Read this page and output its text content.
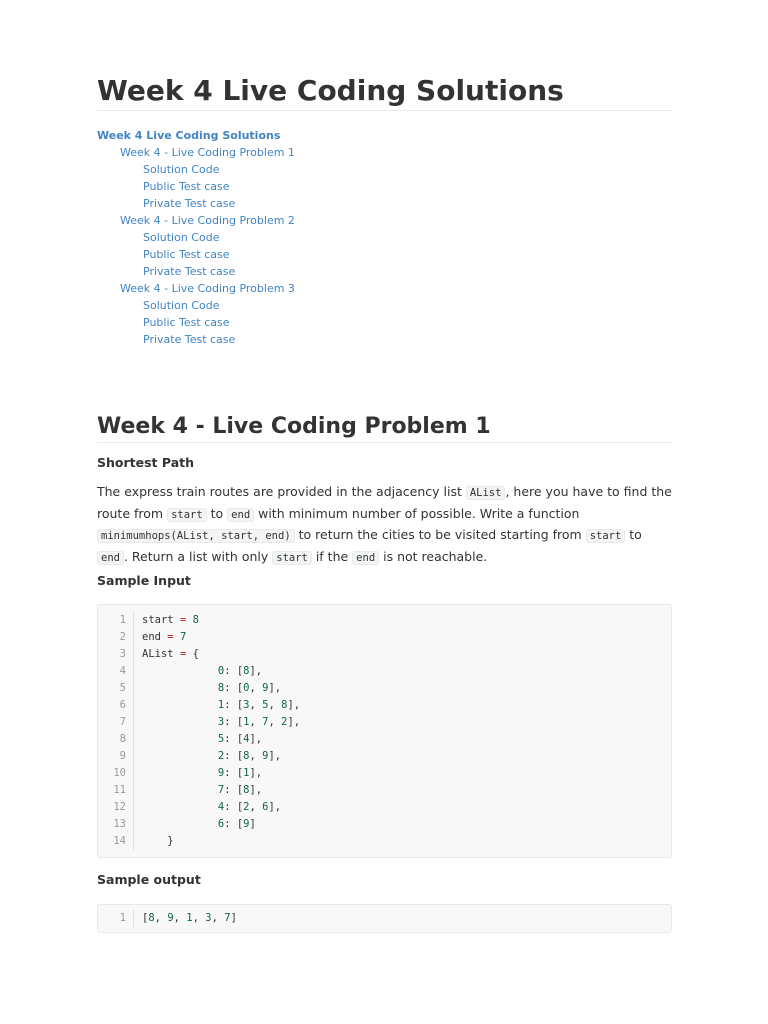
Week 4 Live Coding Solutions
Week 4 Live Coding Solutions
Week 4 - Live Coding Problem 1
Solution Code
Public Test case
Private Test case
Week 4 - Live Coding Problem 2
Solution Code
Public Test case
Private Test case
Week 4 - Live Coding Problem 3
Solution Code
Public Test case
Private Test case
Week 4 - Live Coding Problem 1
Shortest Path

The express train routes are provided in the adjacency list AList , here you have to find the route from start to end with minimum number of possible. Write a function minimumhops(AList, start, end) to return the cities to be visited starting from start to end . Return a list with only start if the end is not reachable.

Sample Input
1	start = 8
2	end = 7
3	AList = {
4	0: [8],
5	8: [0, 9],
6	1: [3, 5, 8],
7	3: [1, 7, 2],
8	5: [4],
9	2: [8, 9],
10	9: [1],
11	7: [8],
12	4: [2, 6],
13	6: [9]
14	}
Sample output
1	[8, 9, 1, 3, 7]
